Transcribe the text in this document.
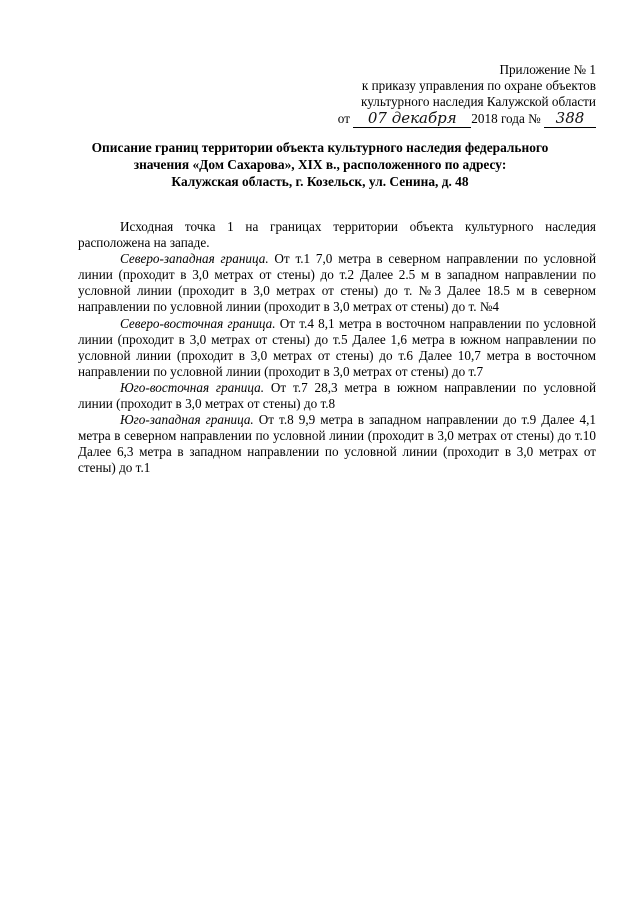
Приложение № 1
к приказу управления по охране объектов
культурного наследия Калужской области
от 07 декабря 2018 года № 388
Описание границ территории объекта культурного наследия федерального
значения «Дом Сахарова», XIX в., расположенного по адресу:
Калужская область, г. Козельск, ул. Сенина, д. 48

Исходная точка 1 на границах территории объекта культурного наследия расположена на западе.

Северо-западная граница. От т.1 7,0 метра в северном направлении по условной линии (проходит в 3,0 метрах от стены) до т.2 Далее 2.5 м в западном направлении по условной линии (проходит в 3,0 метрах от стены) до т. №3 Далее 18.5 м в северном направлении по условной линии (проходит в 3,0 метрах от стены) до т. №4

Северо-восточная граница. От т.4 8,1 метра в восточном направлении по условной линии (проходит в 3,0 метрах от стены) до т.5 Далее 1,6 метра в южном направлении по условной линии (проходит в 3,0 метрах от стены) до т.6 Далее 10,7 метра в восточном направлении по условной линии (проходит в 3,0 метрах от стены) до т.7

Юго-восточная граница. От т.7 28,3 метра в южном направлении по условной линии (проходит в 3,0 метрах от стены) до т.8

Юго-западная граница. От т.8 9,9 метра в западном направлении до т.9 Далее 4,1 метра в северном направлении по условной линии (проходит в 3,0 метрах от стены) до т.10 Далее 6,3 метра в западном направлении по условной линии (проходит в 3,0 метрах от стены) до т.1
